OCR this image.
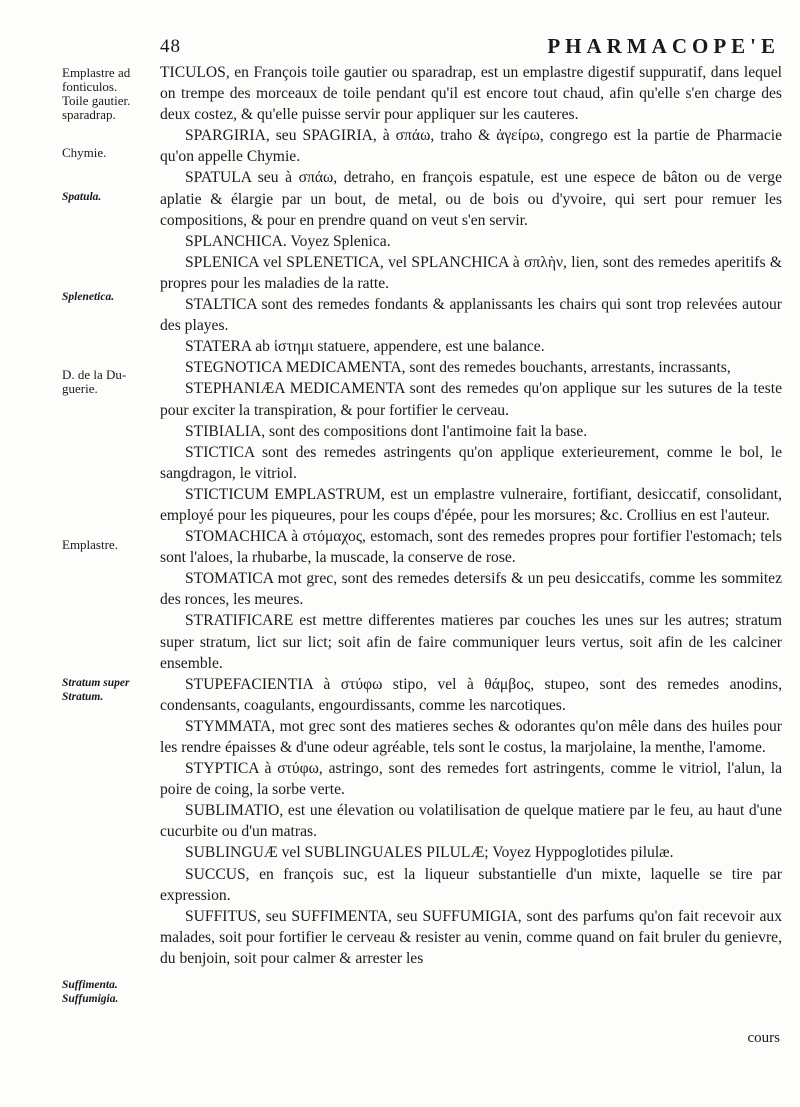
48	PHARMACOPE'E
Emplastre ad
fonticulos.
Toile gautier.
sparadrap.
Chymie.
Spatula.
Splenetica.
D. de la Du-
guerie.
Emplastre.
Stratum super
Stratum.
Suffimenta.
Suffumigia.

TICULOS, en François toile gautier ou sparadrap, est un emplastre digestif suppuratif, dans lequel on trempe des morceaux de toile pendant qu'il est encore tout chaud, afin qu'elle s'en charge des deux costez, & qu'elle puisse servir pour appliquer sur les cauteres.

SPARGIRIA, seu SPAGIRIA, à σπάω, traho & ἀγείρω, congrego est la partie de Pharmacie qu'on appelle Chymie.

SPATULA seu à σπάω, detraho, en françois espatule, est une espece de bâton ou de verge aplatie & élargie par un bout, de metal, ou de bois ou d'yvoire, qui sert pour remuer les compositions, & pour en prendre quand on veut s'en servir.

SPLANCHICA. Voyez Splenica.

SPLENICA vel SPLENETICA, vel SPLANCHICA à σπλὴν, lien, sont des remedes aperitifs & propres pour les maladies de la ratte.

STALTICA sont des remedes fondants & applanissants les chairs qui sont trop relevées autour des playes.

STATERA ab ἱστημι statuere, appendere, est une balance.

STEGNOTICA MEDICAMENTA, sont des remedes bouchants, arrestants, incrassants,

STEPHANIÆA MEDICAMENTA sont des remedes qu'on applique sur les sutures de la teste pour exciter la transpiration, & pour fortifier le cerveau.

STIBIALIA, sont des compositions dont l'antimoine fait la base.

STICTICA sont des remedes astringents qu'on applique exterieurement, comme le bol, le sangdragon, le vitriol.

STICTICUM EMPLASTRUM, est un emplastre vulneraire, fortifiant, desiccatif, consolidant, employé pour les piqueures, pour les coups d'épée, pour les morsures; &c. Crollius en est l'auteur.

STOMACHICA à στόμαχος, estomach, sont des remedes propres pour fortifier l'estomach; tels sont l'aloes, la rhubarbe, la muscade, la conserve de rose.

STOMATICA mot grec, sont des remedes detersifs & un peu desiccatifs, comme les sommitez des ronces, les meures.

STRATIFICARE est mettre differentes matieres par couches les unes sur les autres; stratum super stratum, lict sur lict; soit afin de faire communiquer leurs vertus, soit afin de les calciner ensemble.

STUPEFACIENTIA à στύφω stipo, vel à θάμβος, stupeo, sont des remedes anodins, condensants, coagulants, engourdissants, comme les narcotiques.

STYMMATA, mot grec sont des matieres seches & odorantes qu'on mêle dans des huiles pour les rendre épaisses & d'une odeur agréable, tels sont le costus, la marjolaine, la menthe, l'amome.

STYPTICA à στύφω, astringo, sont des remedes fort astringents, comme le vitriol, l'alun, la poire de coing, la sorbe verte.

SUBLIMATIO, est une élevation ou volatilisation de quelque matiere par le feu, au haut d'une cucurbite ou d'un matras.

SUBLINGUÆ vel SUBLINGUALES PILULÆ; Voyez Hyppoglotides pilulæ.

SUCCUS, en françois suc, est la liqueur substantielle d'un mixte, laquelle se tire par expression.

SUFFITUS, seu SUFFIMENTA, seu SUFFUMIGIA, sont des parfums qu'on fait recevoir aux malades, soit pour fortifier le cerveau & resister au venin, comme quand on fait bruler du genievre, du benjoin, soit pour calmer & arrester les

cours
